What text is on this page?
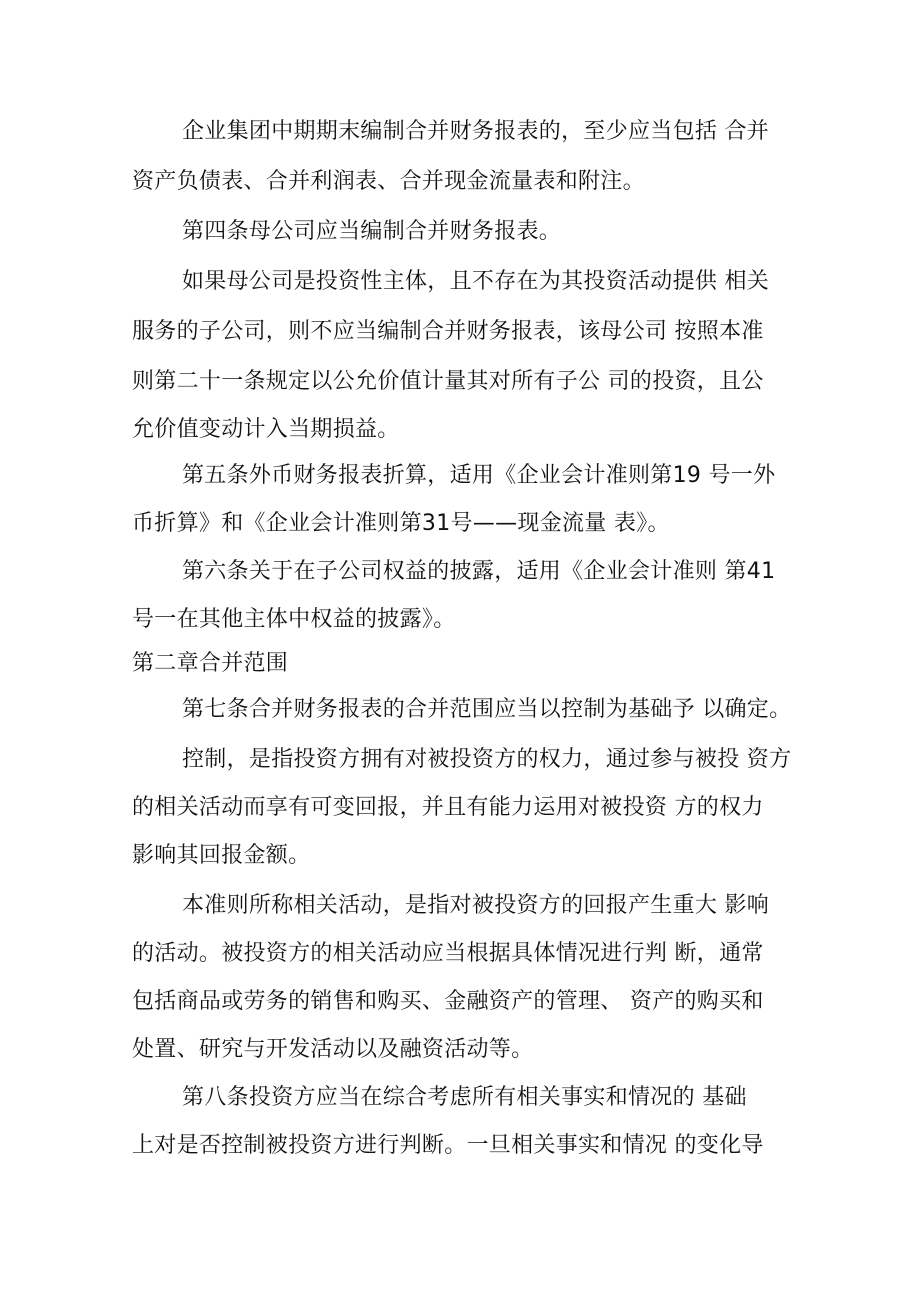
企业集团中期期末编制合并财务报表的，至少应当包括 合并
资产负债表、合并利润表、合并现金流量表和附注。
第四条母公司应当编制合并财务报表。
如果母公司是投资性主体，且不存在为其投资活动提供 相关
服务的子公司，则不应当编制合并财务报表，该母公司 按照本准
则第二十一条规定以公允价值计量其对所有子公 司的投资，且公
允价值变动计入当期损益。
第五条外币财务报表折算，适用《企业会计准则第19 号一外
币折算》和《企业会计准则第31号——现金流量 表》。
第六条关于在子公司权益的披露，适用《企业会计准则 第41
号一在其他主体中权益的披露》。
第二章合并范围
第七条合并财务报表的合并范围应当以控制为基础予 以确定。
控制，是指投资方拥有对被投资方的权力，通过参与被投 资方
的相关活动而享有可变回报，并且有能力运用对被投资 方的权力
影响其回报金额。
本准则所称相关活动，是指对被投资方的回报产生重大 影响
的活动。被投资方的相关活动应当根据具体情况进行判 断，通常
包括商品或劳务的销售和购买、金融资产的管理、 资产的购买和
处置、研究与开发活动以及融资活动等。
第八条投资方应当在综合考虑所有相关事实和情况的 基础
上对是否控制被投资方进行判断。一旦相关事实和情况 的变化导
